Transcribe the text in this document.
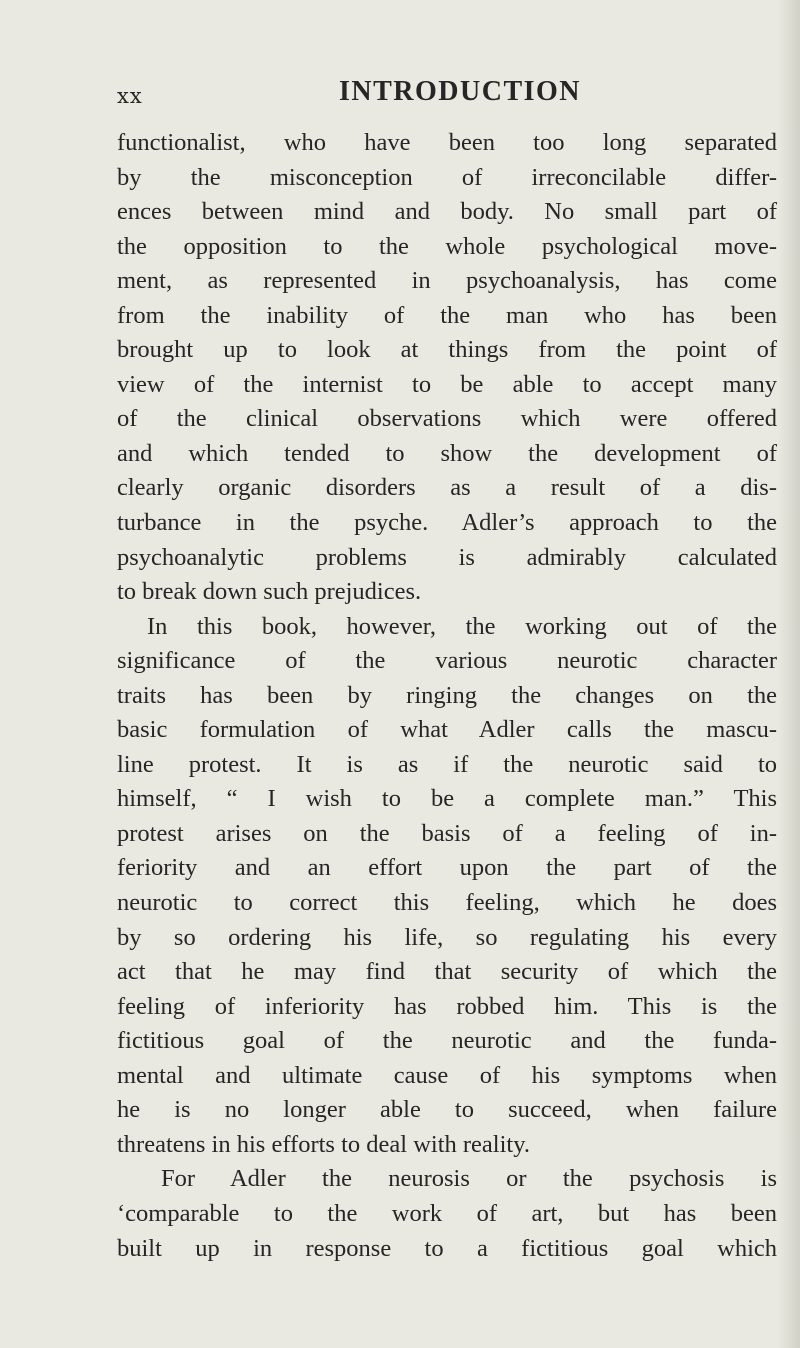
xx	INTRODUCTION
functionalist, who have been too long separated
by the misconception of irreconcilable differ-
ences between mind and body. No small part of
the opposition to the whole psychological move-
ment, as represented in psychoanalysis, has come
from the inability of the man who has been
brought up to look at things from the point of
view of the internist to be able to accept many
of the clinical observations which were offered
and which tended to show the development of
clearly organic disorders as a result of a dis-
turbance in the psyche. Adler’s approach to the
psychoanalytic problems is admirably calculated
to break down such prejudices.
In this book, however, the working out of the
significance of the various neurotic character
traits has been by ringing the changes on the
basic formulation of what Adler calls the mascu-
line protest. It is as if the neurotic said to
himself, “ I wish to be a complete man.” This
protest arises on the basis of a feeling of in-
feriority and an effort upon the part of the
neurotic to correct this feeling, which he does
by so ordering his life, so regulating his every
act that he may find that security of which the
feeling of inferiority has robbed him. This is the
fictitious goal of the neurotic and the funda-
mental and ultimate cause of his symptoms when
he is no longer able to succeed, when failure
threatens in his efforts to deal with reality.
For Adler the neurosis or the psychosis is
‘comparable to the work of art, but has been
built up in response to a fictitious goal which
